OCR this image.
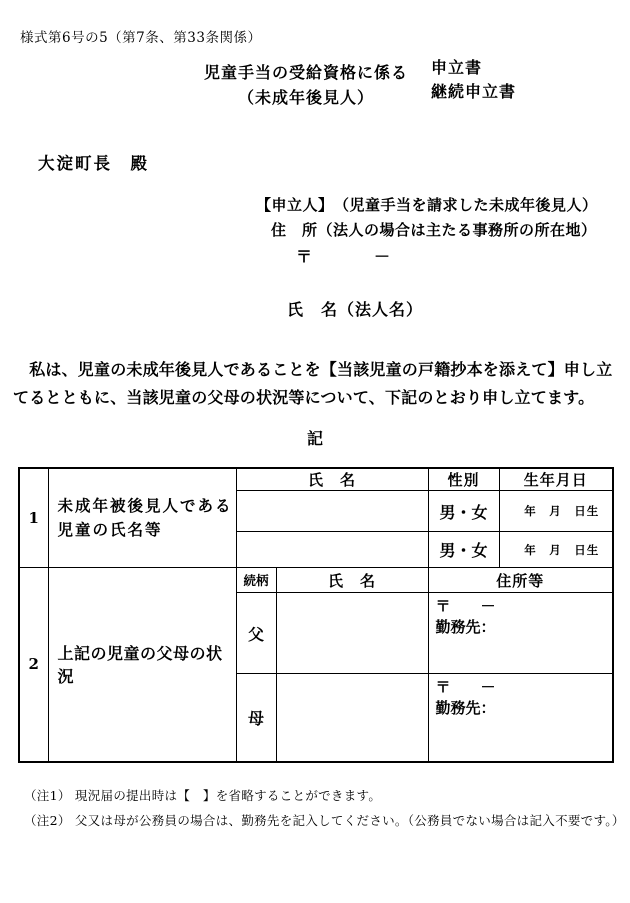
様式第6号の5（第7条、第33条関係）
児童手当の受給資格に係る
（未成年後見人）
申立書
継続申立書
大淀町長　殿
【申立人】　（児童手当を請求した未成年後見人）
住　所（法人の場合は主たる事務所の所在地）
〒	－
氏　名（法人名）
　私は、児童の未成年後見人であることを【当該児童の戸籍抄本を添えて】申し立
てるとともに、当該児童の父母の状況等について、下記のとおり申し立てます。
記
1	未成年被後見人である
児童の氏名等	氏　名		性別	生年月日
				男・女	年　月　日生
				男・女	年　月　日生
2	上記の児童の父母の状況	続柄	氏　名	住所等	
		父		〒　　－
勤務先：	

		母		〒　　－
勤務先：	
（注1） 現況届の提出時は【　】を省略することができます。
（注2） 父又は母が公務員の場合は、勤務先を記入してください。（公務員でない場合は記入不要です。）
